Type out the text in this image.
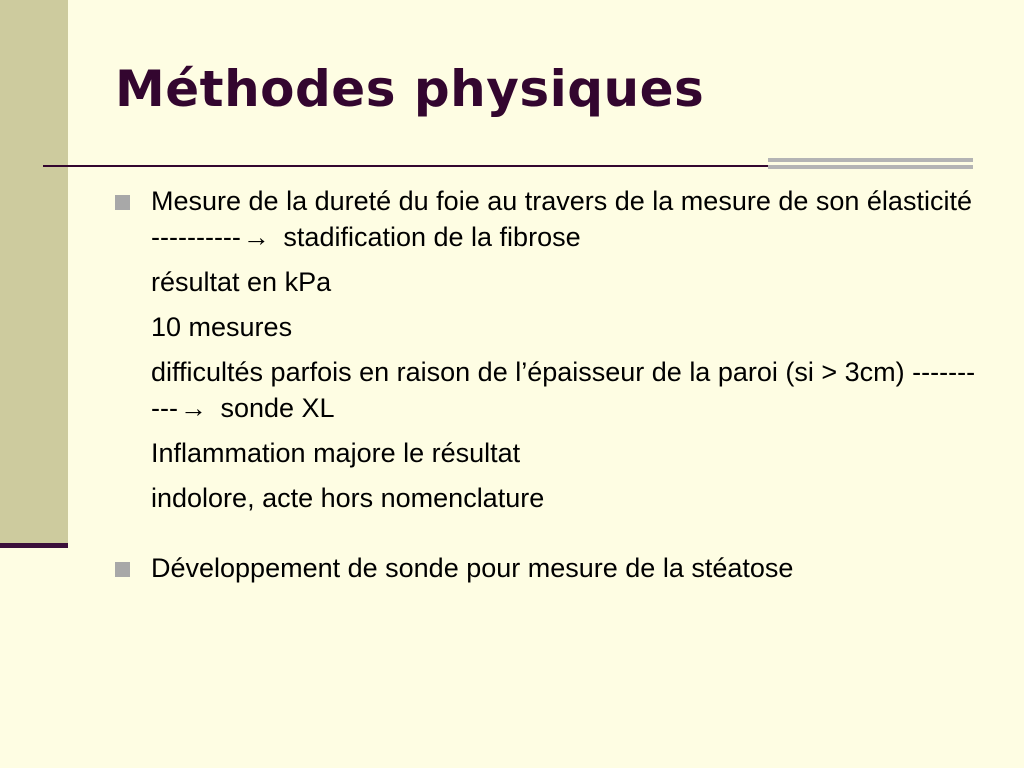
Méthodes physiques

Mesure de la dureté du foie au travers de la mesure de son élasticité ----------→ stadification de la fibrose

résultat en kPa
10 mesures
difficultés parfois en raison de l’épaisseur de la paroi (si > 3cm) ----------→ sonde XL
Inflammation majore le résultat
indolore, acte hors nomenclature

Développement de sonde pour mesure de la stéatose
